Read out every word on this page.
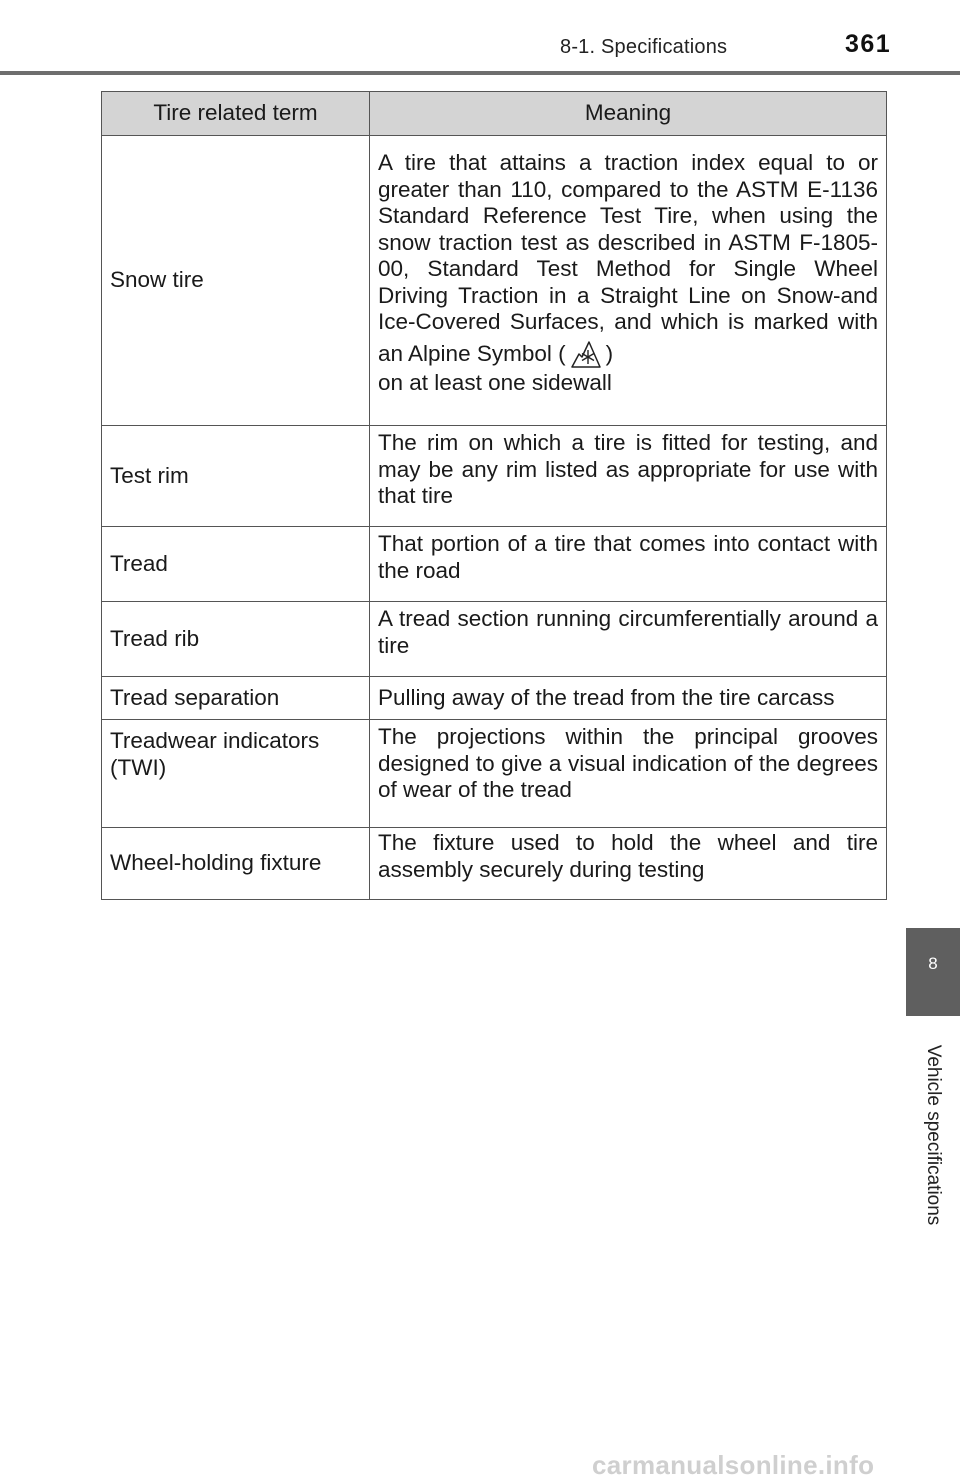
8-1. Specifications	361
Tire related term	Meaning
Snow tire	A tire that attains a traction index equal to or greater than 110, compared to the ASTM E-1136 Standard Reference Test Tire, when using the snow traction test as described in ASTM F-1805-00, Standard Test Method for Single Wheel Driving Traction in a Straight Line on Snow-and Ice-Covered Surfaces, and which is marked with an Alpine Symbol ( )
on at least one sidewall
Test rim	The rim on which a tire is fitted for testing, and may be any rim listed as appropriate for use with that tire
Tread	That portion of a tire that comes into contact with the road
Tread rib	A tread section running circumferentially around a tire
Tread separation	Pulling away of the tread from the tire carcass
Treadwear indicators
(TWI)	The projections within the principal grooves designed to give a visual indication of the degrees of wear of the tread
Wheel-holding fixture	The fixture used to hold the wheel and tire assembly securely during testing
8
Vehicle specifications
carmanualsonline.info
